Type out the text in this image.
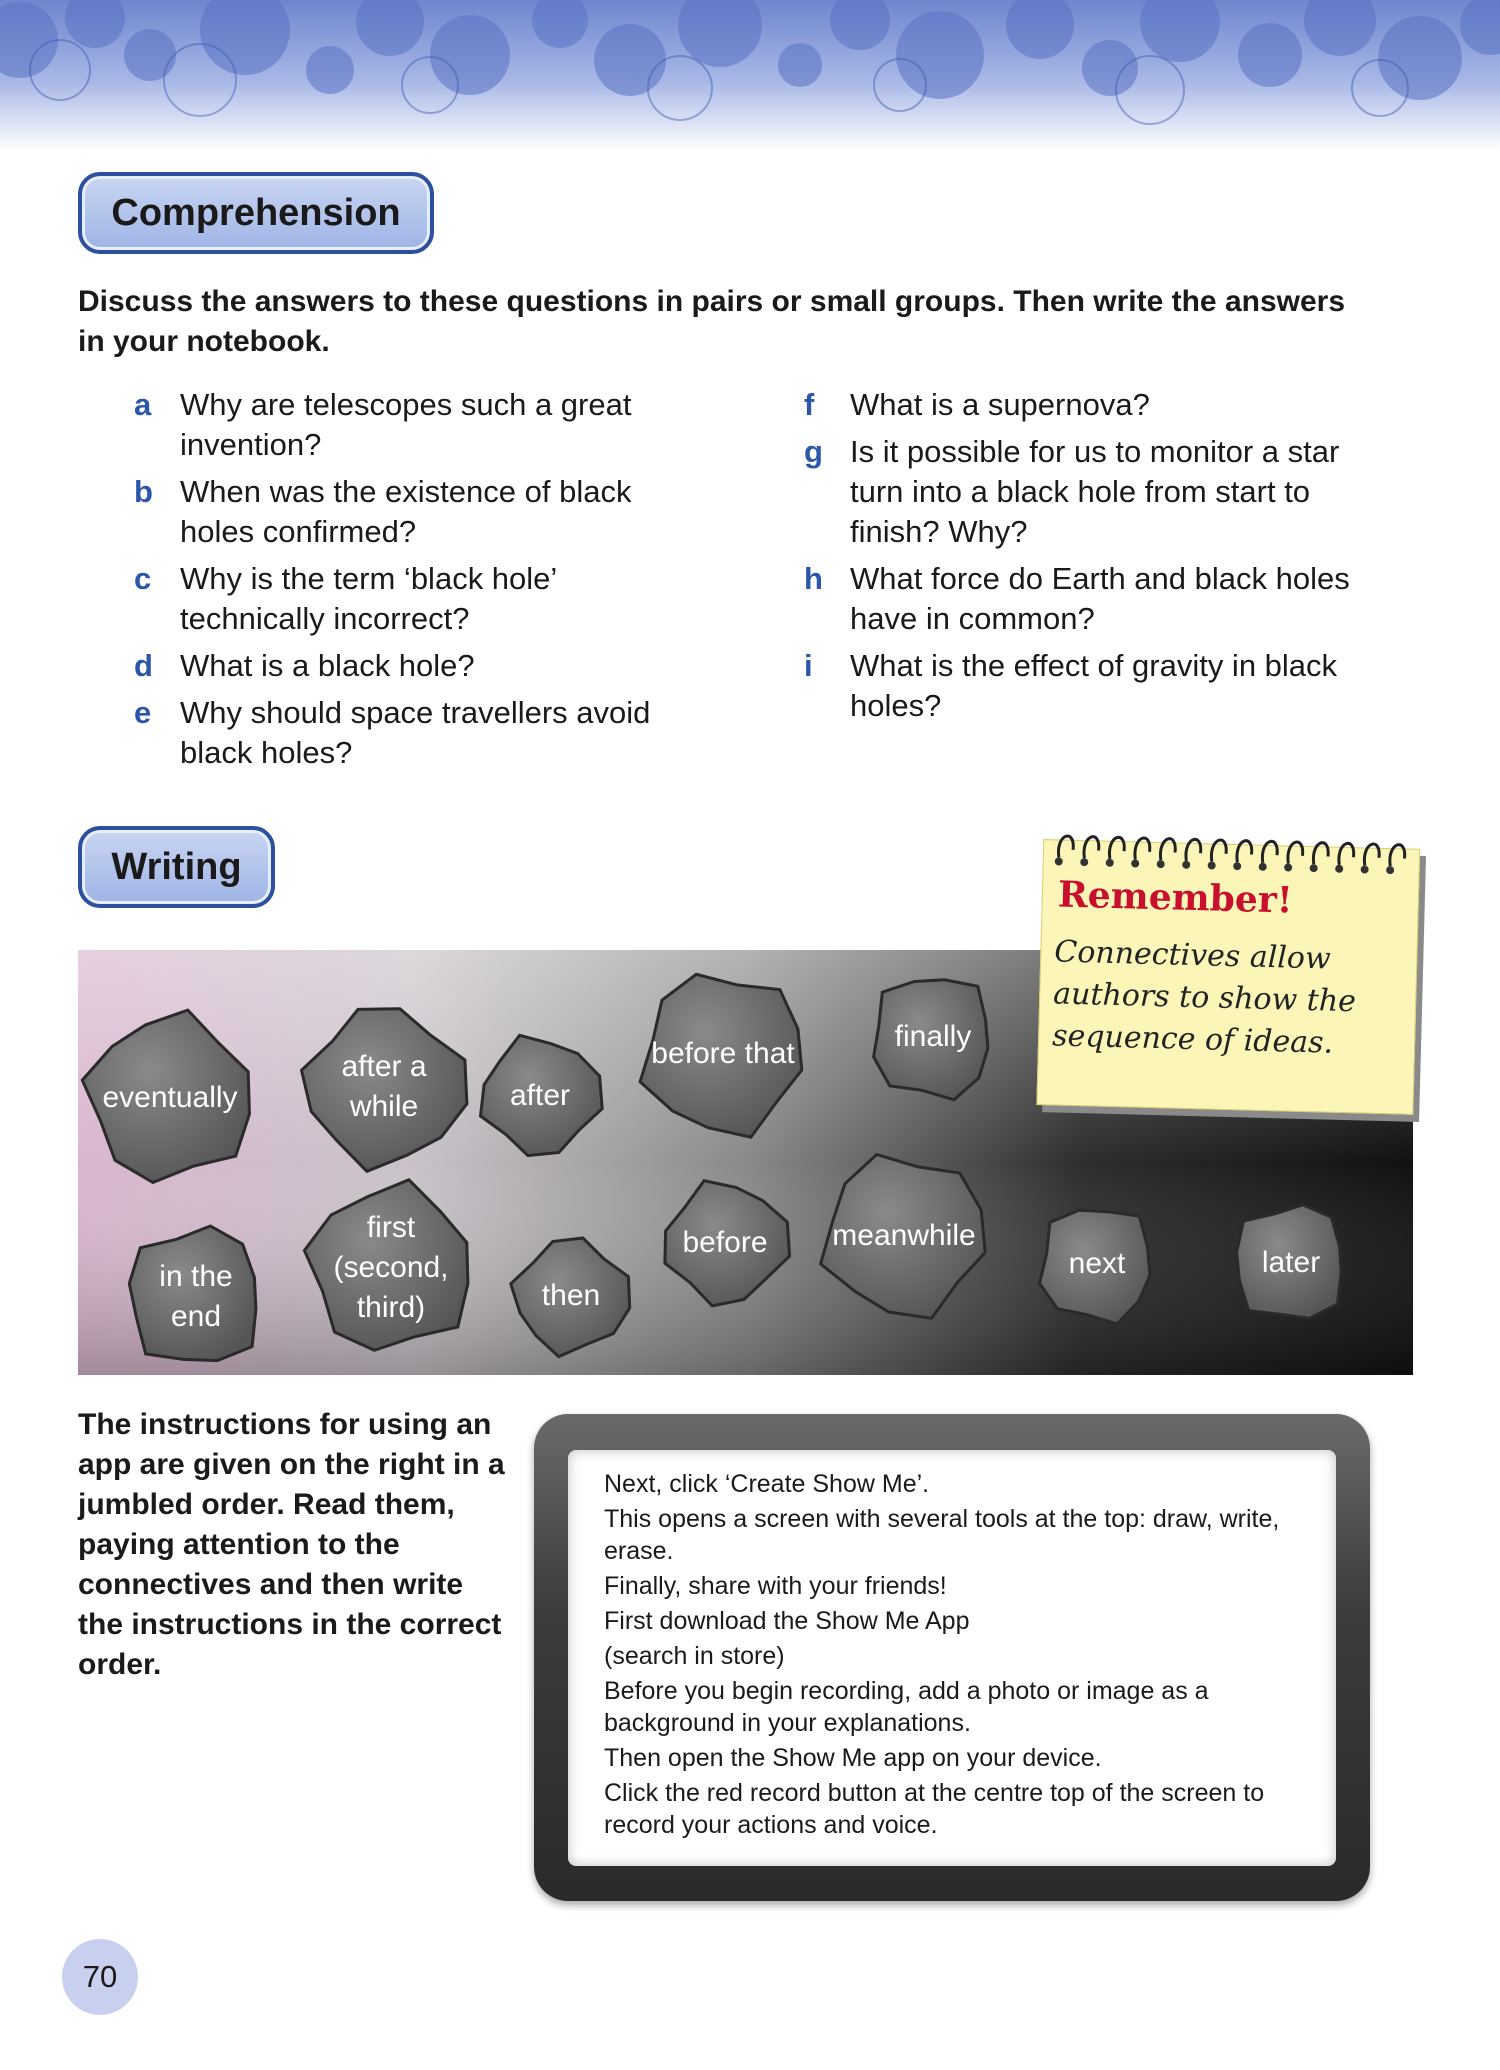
Comprehension
Discuss the answers to these questions in pairs or small groups. Then write the answers in your notebook.
a Why are telescopes such a great invention?
b When was the existence of black holes confirmed?
c Why is the term ‘black hole’ technically incorrect?
d What is a black hole?
e Why should space travellers avoid black holes?
f	What is a supernova?
g Is it possible for us to monitor a star turn into a black hole from start to finish? Why?
h What force do Earth and black holes have in common?
i	What is the effect of gravity in black holes?
Writing
eventually
after a while	after
before that
finally
in the end
first (second, third)	then
before	meanwhile
next	later
Remember!
Connectives allow authors to show the sequence of ideas.
The instructions for using an app are given on the right in a jumbled order. Read them, paying attention to the connectives and then write the instructions in the correct order.
Next, click ‘Create Show Me’.
This opens a screen with several tools at the top: draw, write, erase.
Finally, share with your friends!
First download the Show Me App
(search in store)
Before you begin recording, add a photo or image as a background in your explanations.
Then open the Show Me app on your device.
Click the red record button at the centre top of the screen to record your actions and voice.
70
